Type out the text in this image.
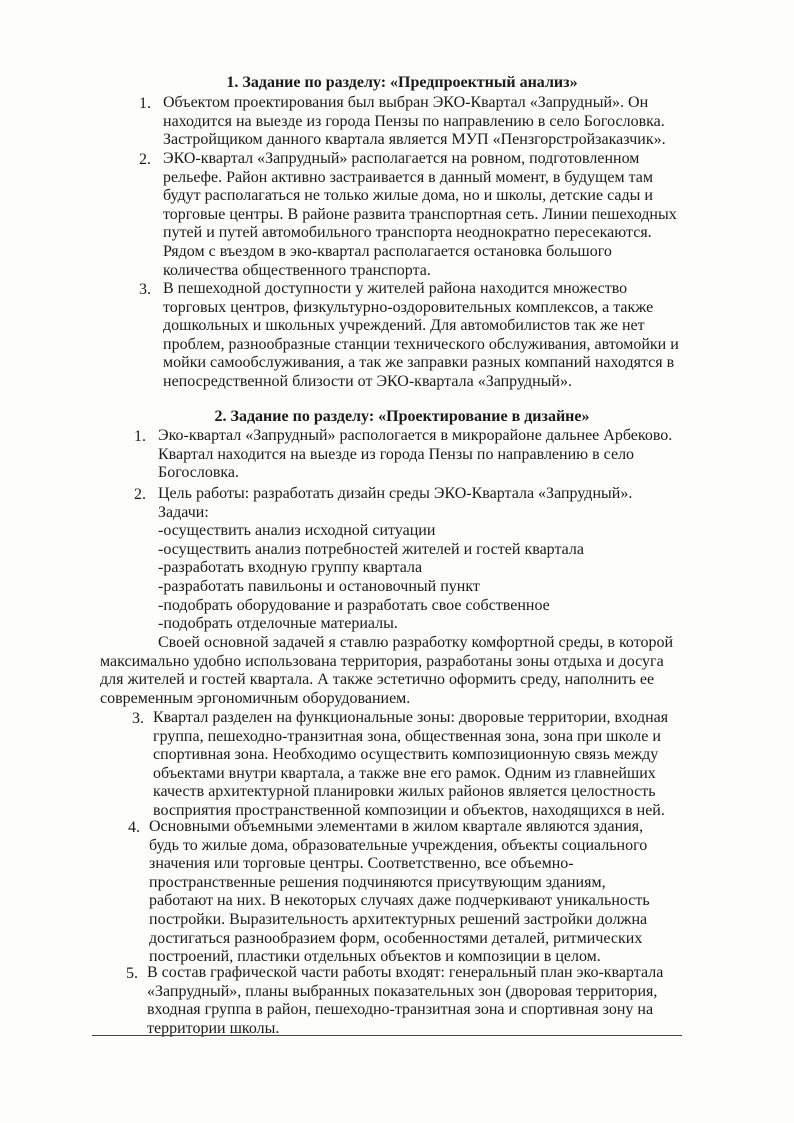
1. Задание по разделу: «Предпроектный анализ»
1. Объектом проектирования был выбран ЭКО-Квартал «Запрудный». Он
находится на выезде из города Пензы по направлению в село Богословка.
Застройщиком данного квартала является МУП «Пензгорстройзаказчик».
2. ЭКО-квартал «Запрудный» располагается на ровном, подготовленном
рельефе. Район активно застраивается в данный момент, в будущем там
будут располагаться не только жилые дома, но и школы, детские сады и
торговые центры. В районе развита транспортная сеть. Линии пешеходных
путей и путей автомобильного транспорта неоднократно пересекаются.
Рядом с въездом в эко-квартал располагается остановка большого
количества общественного транспорта.
3. В пешеходной доступности у жителей района находится множество
торговых центров, физкультурно-оздоровительных комплексов, а также
дошкольных и школьных учреждений. Для автомобилистов так же нет
проблем, разнообразные станции технического обслуживания, автомойки и
мойки самообслуживания, а так же заправки разных компаний находятся в
непосредственной близости от ЭКО-квартала «Запрудный».
2. Задание по разделу: «Проектирование в дизайне»
1. Эко-квартал «Запрудный» распологается в микрорайоне дальнее Арбеково.
Квартал находится на выезде из города Пензы по направлению в село
Богословка.
2. Цель работы: разработать дизайн среды ЭКО-Квартала «Запрудный».
Задачи:
-осуществить анализ исходной ситуации
-осуществить анализ потребностей жителей и гостей квартала
-разработать входную группу квартала
-разработать павильоны и остановочный пункт
-подобрать оборудование и разработать свое собственное
-подобрать отделочные материалы.
Своей основной задачей я ставлю разработку комфортной среды, в которой
максимально удобно использована территория, разработаны зоны отдыха и досуга
для жителей и гостей квартала. А также эстетично оформить среду, наполнить ее
современным эргономичным оборудованием.
3. Квартал разделен на функциональные зоны: дворовые территории, входная
группа, пешеходно-транзитная зона, общественная зона, зона при школе и
спортивная зона. Необходимо осуществить композиционную связь между
объектами внутри квартала, а также вне его рамок. Одним из главнейших
качеств архитектурной планировки жилых районов является целостность
восприятия пространственной композиции и объектов, находящихся в ней.
4. Основными объемными элементами в жилом квартале являются здания,
будь то жилые дома, образовательные учреждения, объекты социального
значения или торговые центры. Соответственно, все объемно-
пространственные решения подчиняются присутвующим зданиям,
работают на них. В некоторых случаях даже подчеркивают уникальность
постройки. Выразительность архитектурных решений застройки должна
достигаться разнообразием форм, особенностями деталей, ритмических
построений, пластики отдельных объектов и композиции в целом.
5. В состав графической части работы входят: генеральный план эко-квартала
«Запрудный», планы выбранных показательных зон (дворовая территория,
входная группа в район, пешеходно-транзитная зона и спортивная зону на
территории школы.
